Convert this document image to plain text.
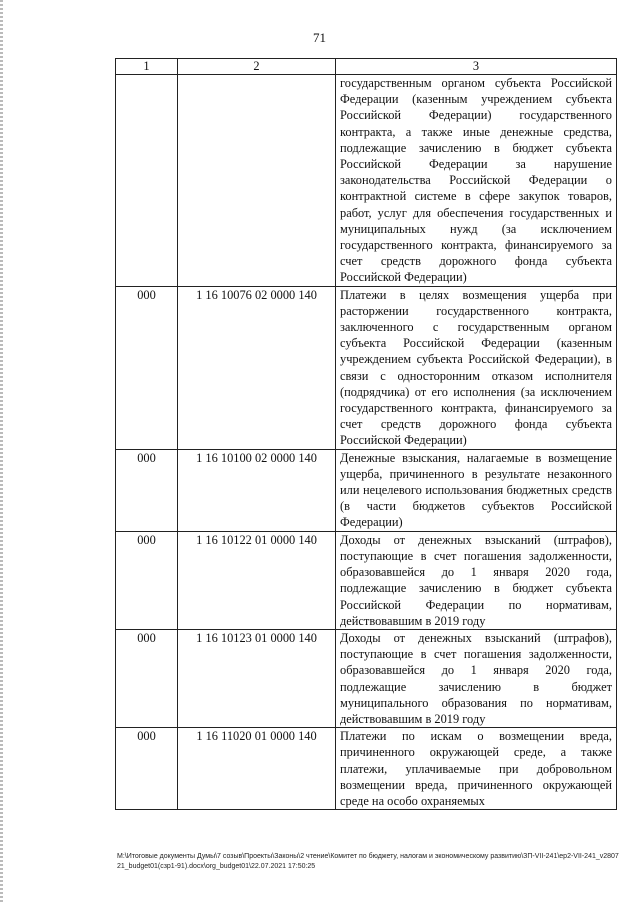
71
1	2	3
		государственным органом субъекта Российской Федерации (казенным учреждением субъекта Российской Федерации) государственного контракта, а также иные денежные средства, подлежащие зачислению в бюджет субъекта Российской Федерации за нарушение законодательства Российской Федерации о контрактной системе в сфере закупок товаров, работ, услуг для обеспечения государственных и муниципальных нужд (за исключением государственного контракта, финансируемого за счет средств дорожного фонда субъекта Российской Федерации)
000	1 16 10076 02 0000 140	Платежи в целях возмещения ущерба при расторжении государственного контракта, заключенного с государственным органом субъекта Российской Федерации (казенным учреждением субъекта Российской Федерации), в связи с односторонним отказом исполнителя (подрядчика) от его исполнения (за исключением государственного контракта, финансируемого за счет средств дорожного фонда субъекта Российской Федерации)
000	1 16 10100 02 0000 140	Денежные взыскания, налагаемые в возмещение ущерба, причиненного в результате незаконного или нецелевого использования бюджетных средств (в части бюджетов субъектов Российской Федерации)
000	1 16 10122 01 0000 140	Доходы от денежных взысканий (штрафов), поступающие в счет погашения задолженности, образовавшейся до 1 января 2020 года, подлежащие зачислению в бюджет субъекта Российской Федерации по нормативам, действовавшим в 2019 году
000	1 16 10123 01 0000 140	Доходы от денежных взысканий (штрафов), поступающие в счет погашения задолженности, образовавшейся до 1 января 2020 года, подлежащие зачислению в бюджет муниципального образования по нормативам, действовавшим в 2019 году
000	1 16 11020 01 0000 140	Платежи по искам о возмещении вреда, причиненного окружающей среде, а также платежи, уплачиваемые при добровольном возмещении вреда, причиненного окружающей среде на особо охраняемых
M:\Итоговые документы Думы\7 созыв\Проекты\Законы\2 чтение\Комитет по бюджету, налогам и экономическому развитию\ЗП-VII-241\ер2-VII-241_v280721_budget01(сзр1-91).docx\org_budget01\22.07.2021 17:50:25
